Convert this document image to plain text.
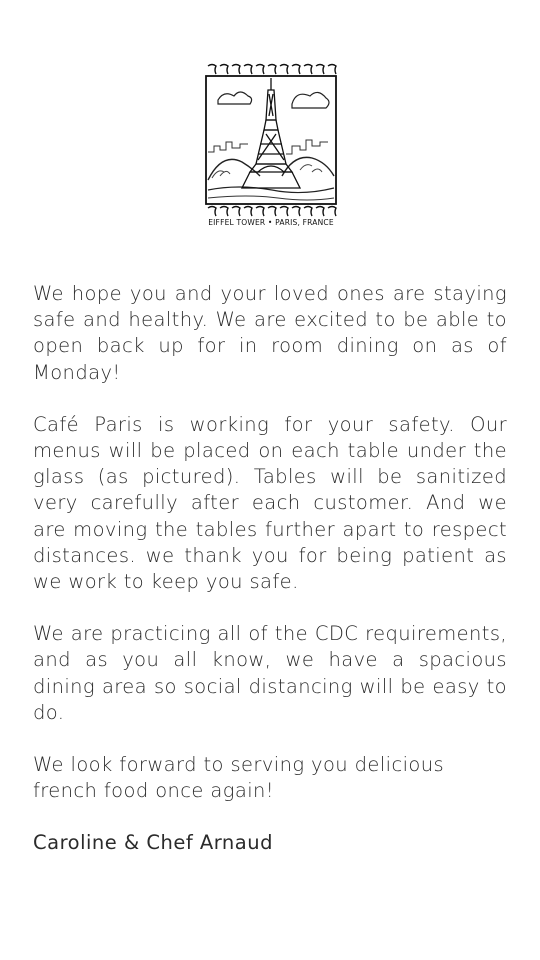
EIFFEL TOWER • PARIS, FRANCE

We hope you and your loved ones are staying safe and healthy. We are excited to be able to open back up for in room dining on as of Monday!

Café Paris is working for your safety. Our menus will be placed on each table under the glass (as pictured). Tables will be sanitized very carefully after each customer. And we are moving the tables further apart to respect distances. we thank you for being patient as we work to keep you safe.

We are practicing all of the CDC requirements, and as you all know, we have a spacious dining area so social distancing will be easy to do.

We look forward to serving you delicious french food once again!

Caroline & Chef Arnaud
